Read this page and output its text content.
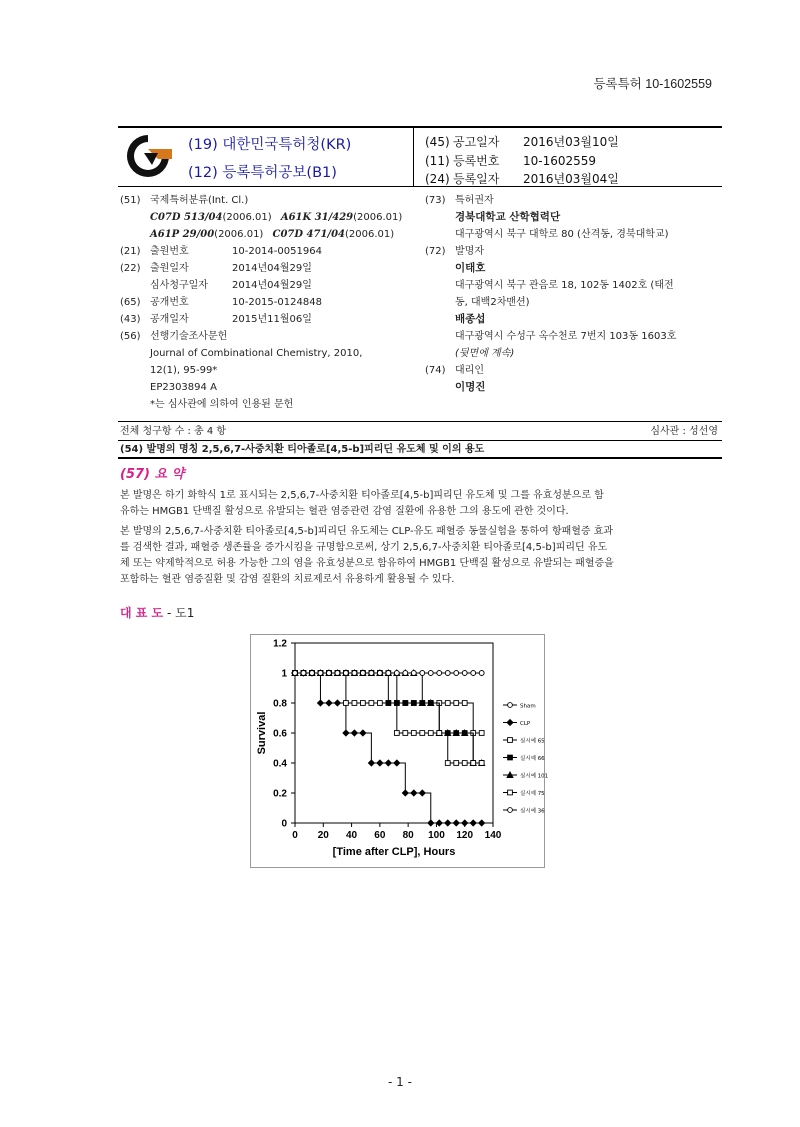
등록특허 10-1602559
(19) 대한민국특허청(KR)
(12) 등록특허공보(B1)
(45) 공고일자 2016년03월10일
(11) 등록번호 10-1602559
(24) 등록일자 2016년03월04일
(51) 국제특허분류(Int. Cl.)
C07D 513/04(2006.01) A61K 31/429(2006.01)
A61P 29/00(2006.01) C07D 471/04(2006.01)
(21) 출원번호	10-2014-0051964
(22) 출원일자	2014년04월29일
심사청구일자 2014년04월29일
(65) 공개번호	10-2015-0124848
(43) 공개일자	2015년11월06일
(56) 선행기술조사문헌
Journal of Combinational Chemistry, 2010,
12(1), 95-99*
EP2303894 A
*는 심사관에 의하여 인용된 문헌
(73) 특허권자
경북대학교 산학협력단
대구광역시 북구 대학로 80 (산격동, 경북대학교)
(72) 발명자
이태호
대구광역시 북구 관음로 18, 102동 1402호 (태전
동, 대백2차맨션)
배종섭
대구광역시 수성구 옥수천로 7번지 103동 1603호
(뒷면에 계속)
(74) 대리인
이명진
전체 청구항 수 : 총 4 항	심사관 : 성선영
(54) 발명의 명칭 2,5,6,7-사중치환 티아졸로[4,5-b]피리딘 유도체 및 이의 용도
(57) 요 약
본 발명은 하기 화학식 1로 표시되는 2,5,6,7-사중치환 티아졸로[4,5-b]피리딘 유도체 및 그를 유효성분으로 함
유하는 HMGB1 단백질 활성으로 유발되는 혈관 염증관련 감염 질환에 유용한 그의 용도에 관한 것이다.
본 발명의 2,5,6,7-사중치환 티아졸로[4,5-b]피리딘 유도체는 CLP-유도 패혈증 동물실험을 통하여 항패혈증 효과
를 검색한 결과, 패혈증 생존률을 증가시킴을 규명함으로써, 상기 2,5,6,7-사중치환 티아졸로[4,5-b]피리딘 유도
체 또는 약제학적으로 허용 가능한 그의 염을 유효성분으로 함유하여 HMGB1 단백질 활성으로 유발되는 패혈증을
포함하는 혈관 염증질환 및 감염 질환의 치료제로서 유용하게 활용될 수 있다.
대 표 도 - 도1
0 20 40 60 80 100 120 140
0
0.2
0.4
0.6
0.8
1
1.2
[Time after CLP], Hours
Survival
Sham
CLP
실시예 65
실시예 66
실시예 101
실시예 75
실시예 36
- 1 -
